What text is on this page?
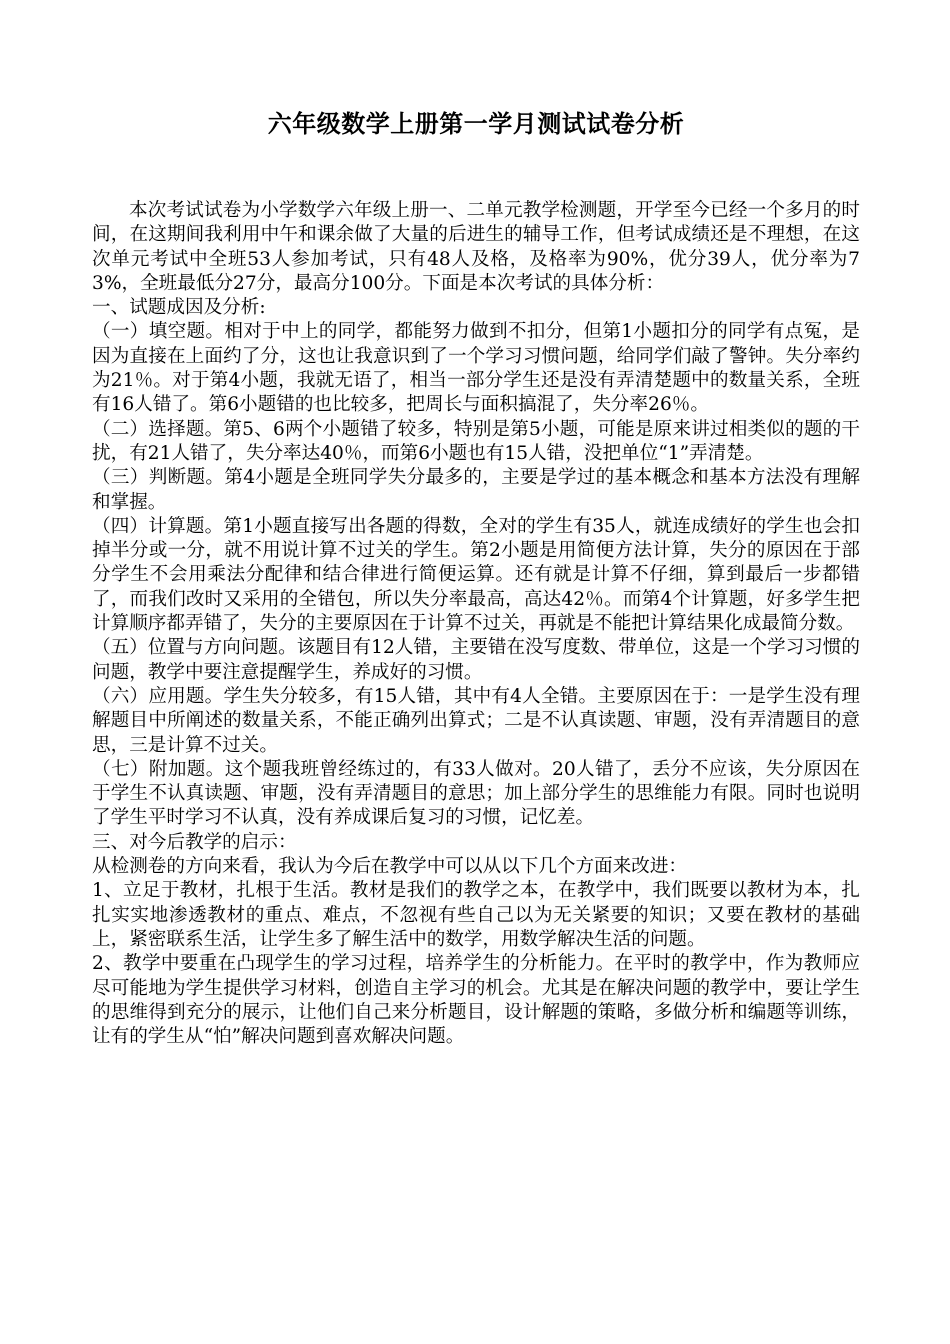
六年级数学上册第一学月测试试卷分析

本次考试试卷为小学数学六年级上册一、二单元教学检测题，开学至今已经一个多月的时间，在这期间我利用中午和课余做了大量的后进生的辅导工作，但考试成绩还是不理想，在这次单元考试中全班53人参加考试，只有48人及格，及格率为90%，优分39人，优分率为73%，全班最低分27分，最高分100分。下面是本次考试的具体分析：

一、试题成因及分析:

（一）填空题。相对于中上的同学，都能努力做到不扣分，但第1小题扣分的同学有点冤，是因为直接在上面约了分，这也让我意识到了一个学习习惯问题，给同学们敲了警钟。失分率约为21％。对于第4小题，我就无语了，相当一部分学生还是没有弄清楚题中的数量关系，全班有16人错了。第6小题错的也比较多，把周长与面积搞混了，失分率26％。

（二）选择题。第5、6两个小题错了较多，特别是第5小题，可能是原来讲过相类似的题的干扰，有21人错了，失分率达40％，而第6小题也有15人错，没把单位“1”弄清楚。

（三）判断题。第4小题是全班同学失分最多的，主要是学过的基本概念和基本方法没有理解和掌握。

（四）计算题。第1小题直接写出各题的得数，全对的学生有35人，就连成绩好的学生也会扣掉半分或一分，就不用说计算不过关的学生。第2小题是用简便方法计算，失分的原因在于部分学生不会用乘法分配律和结合律进行简便运算。还有就是计算不仔细，算到最后一步都错了，而我们改时又采用的全错包，所以失分率最高，高达42％。而第4个计算题，好多学生把计算顺序都弄错了，失分的主要原因在于计算不过关，再就是不能把计算结果化成最简分数。

（五）位置与方向问题。该题目有12人错，主要错在没写度数、带单位，这是一个学习习惯的问题，教学中要注意提醒学生，养成好的习惯。

（六）应用题。学生失分较多，有15人错，其中有4人全错。主要原因在于：一是学生没有理解题目中所阐述的数量关系，不能正确列出算式；二是不认真读题、审题，没有弄清题目的意思，三是计算不过关。

（七）附加题。这个题我班曾经练过的，有33人做对。20人错了，丢分不应该，失分原因在于学生不认真读题、审题，没有弄清题目的意思；加上部分学生的思维能力有限。同时也说明了学生平时学习不认真，没有养成课后复习的习惯，记忆差。

三、对今后教学的启示：

从检测卷的方向来看，我认为今后在教学中可以从以下几个方面来改进：

1、立足于教材，扎根于生活。教材是我们的教学之本，在教学中，我们既要以教材为本，扎扎实实地渗透教材的重点、难点，不忽视有些自己以为无关紧要的知识；又要在教材的基础上，紧密联系生活，让学生多了解生活中的数学，用数学解决生活的问题。

2、教学中要重在凸现学生的学习过程，培养学生的分析能力。在平时的教学中，作为教师应尽可能地为学生提供学习材料，创造自主学习的机会。尤其是在解决问题的教学中，要让学生的思维得到充分的展示，让他们自己来分析题目，设计解题的策略，多做分析和编题等训练，让有的学生从“怕”解决问题到喜欢解决问题。
